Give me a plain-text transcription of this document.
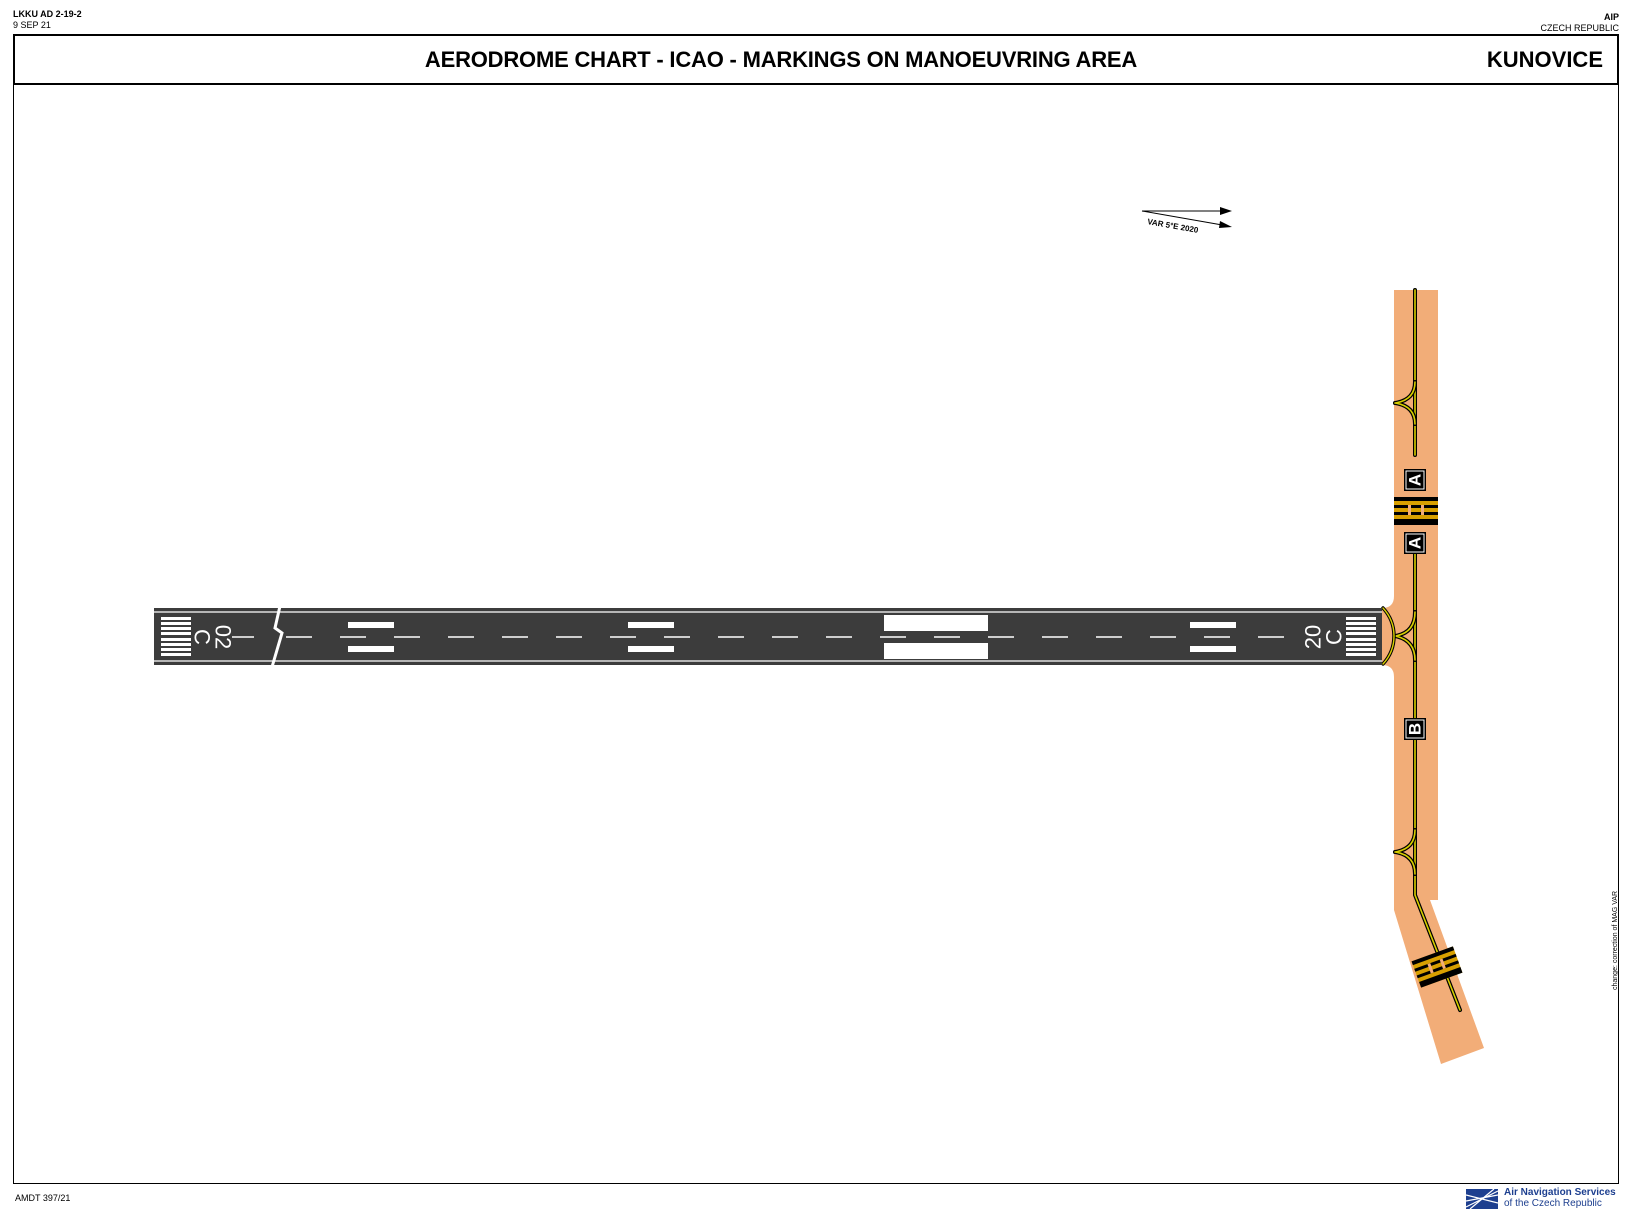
LKKU AD 2-19-2
9 SEP 21
AIP
CZECH REPUBLIC
AERODROME CHART - ICAO - MARKINGS ON MANOEUVRING AREA	KUNOVICE
VAR 5°E 2020
A
A
B
02
C	20
C
change: correction of MAG VAR
AMDT 397/21	Air Navigation Services
of the Czech Republic
